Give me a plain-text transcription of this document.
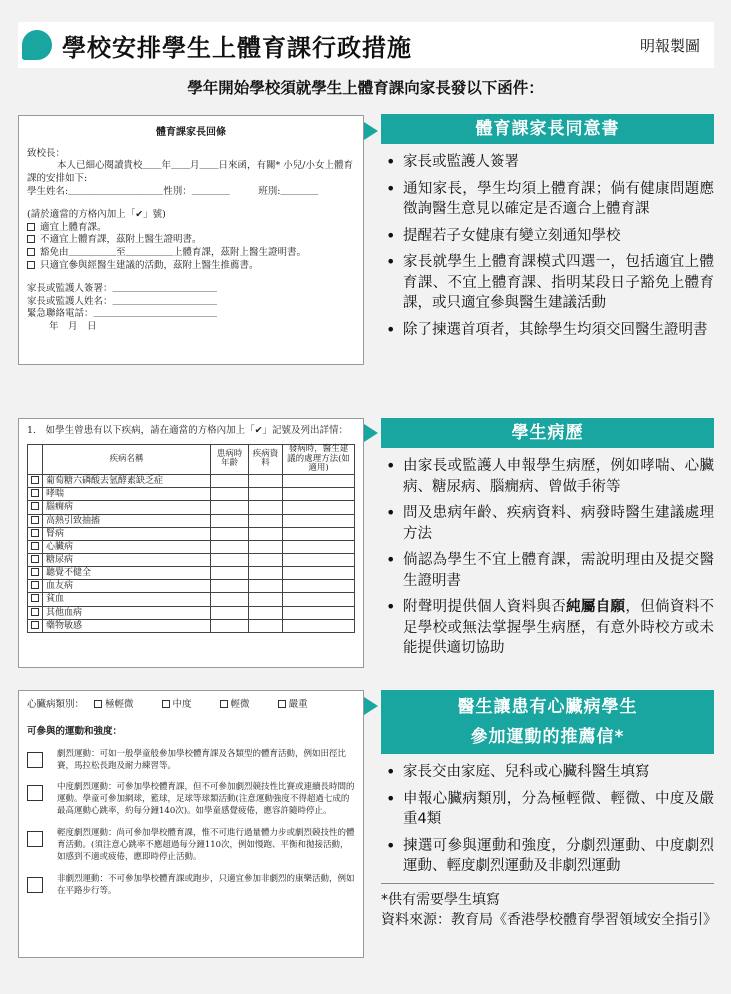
學校安排學生上體育課行政措施	明報製圖
學年開始學校須就學生上體育課向家長發以下函件：
體育課家長回條

致校長：

本人已細心閱讀貴校＿＿年＿＿月＿＿日來函，有關* 小兒/小女上體育課的安排如下:

學生姓名:＿＿＿＿＿＿＿＿＿＿性別：＿＿＿＿　　　班別:＿＿＿＿

(請於適當的方格內加上「✔」號)

適宜上體育課。

不適宜上體育課，茲附上醫生證明書。

豁免由＿＿＿＿＿至＿＿＿＿＿上體育課，茲附上醫生證明書。

只適宜參與經醫生建議的活動，茲附上醫生推薦書。

家長或監護人簽署：＿＿＿＿＿＿＿＿＿＿＿

家長或監護人姓名：＿＿＿＿＿＿＿＿＿＿＿

緊急聯絡電話：＿＿＿＿＿＿＿＿＿＿＿＿＿

年　月　日

1.　如學生曾患有以下疾病，請在適當的方格內加上「✔」記號及列出詳情：

	疾病名稱	患病時年齡	疾病資料	發病時，醫生建議的處理方法(如適用)
	葡萄糖六磷酸去氫酵素缺乏症			
	哮喘			
	腦癇病			
	高熱引致抽搐			
	腎病			
	心臟病			
	糖尿病			
	聽覺不健全			
	血友病			
	貧血			
	其他血病			
	藥物敏感			
心臟病類別：	極輕微	中度	輕微	嚴重

可參與的運動和強度：

劇烈運動：可如一般學童般參加學校體育課及各類型的體育活動，例如田徑比賽，馬拉松長跑及耐力練習等。
中度劇烈運動：可參加學校體育課，但不可參加劇烈競技性比賽或連續長時間的運動。學童可參加網球，籃球，足球等球類活動(注意運動強度不得超過七成的最高運動心跳率，約每分鐘140次)。如學童感覺疲倦，應容許隨時停止。
輕度劇烈運動：尚可參加學校體育課，惟不可進行過量體力步或劇烈競技性的體育活動。(須注意心跳率不應超過每分鐘110次，例如慢跑、平衡和拋接活動，如感到不適或疲倦，應即時停止活動。
非劇烈運動：不可參加學校體育課或跑步，只適宜參加非劇烈的康樂活動，例如在平路步行等。
體育課家長同意書
• 家長或監護人簽署
• 通知家長，學生均須上體育課；倘有健康問題應徵詢醫生意見以確定是否適合上體育課
• 提醒若子女健康有變立刻通知學校
• 家長就學生上體育課模式四選一，包括適宜上體育課、不宜上體育課、指明某段日子豁免上體育課，或只適宜參與醫生建議活動
• 除了揀選首項者，其餘學生均須交回醫生證明書
學生病歷
• 由家長或監護人申報學生病歷，例如哮喘、心臟病、糖尿病、腦癇病、曾做手術等
• 問及患病年齡、疾病資料、病發時醫生建議處理方法
• 倘認為學生不宜上體育課，需說明理由及提交醫生證明書
• 附聲明提供個人資料與否純屬自願，但倘資料不足學校或無法掌握學生病歷，有意外時校方或未能提供適切協助
醫生讓患有心臟病學生
參加運動的推薦信*
• 家長交由家庭、兒科或心臟科醫生填寫
• 申報心臟病類別，分為極輕微、輕微、中度及嚴重4類
• 揀選可參與運動和強度，分劇烈運動、中度劇烈運動、輕度劇烈運動及非劇烈運動
*供有需要學生填寫
資料來源：教育局《香港學校體育學習領域安全指引》
